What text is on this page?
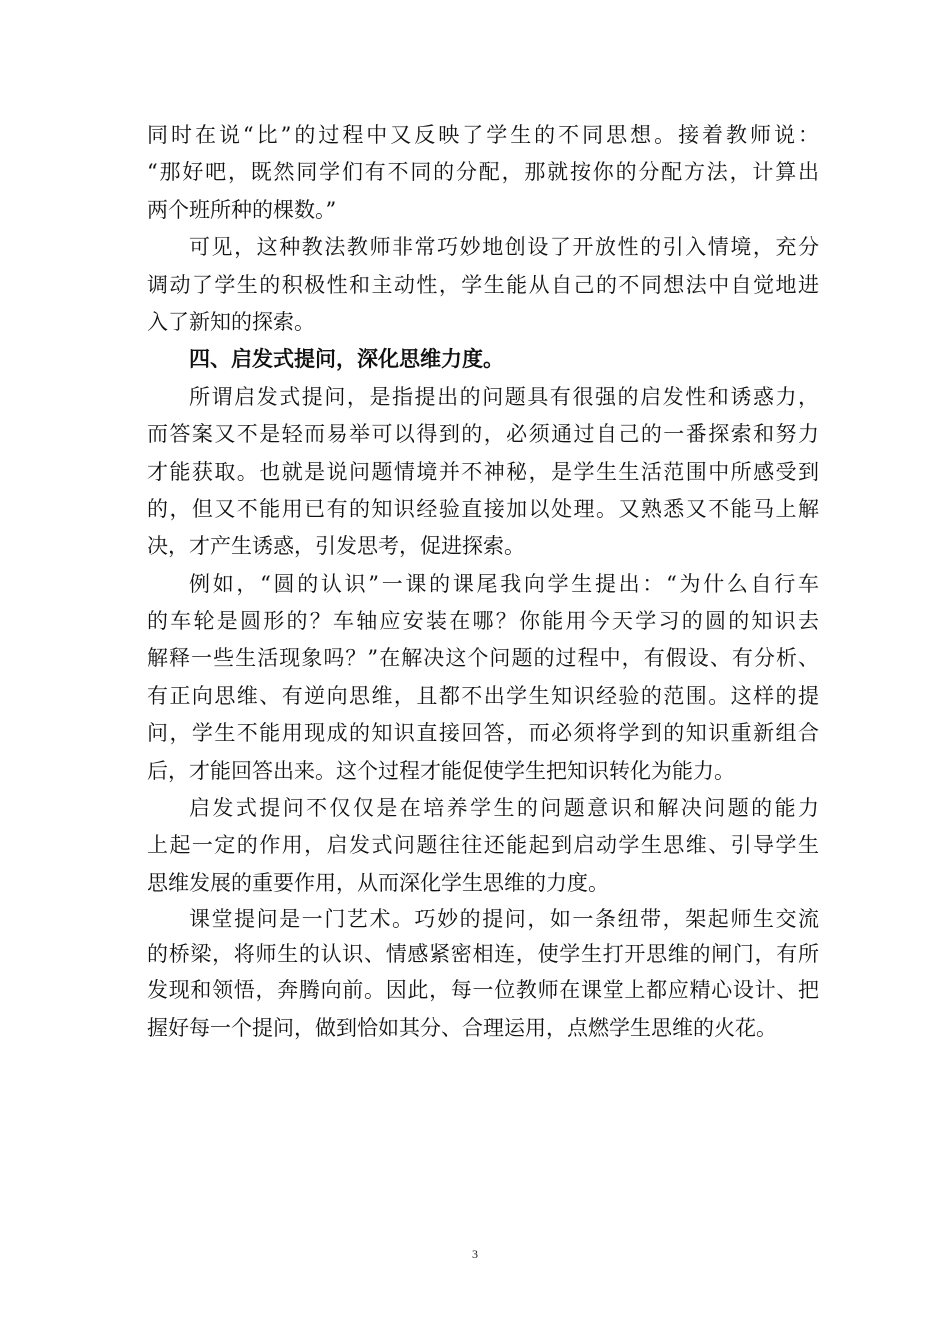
同时在说“比”的过程中又反映了学生的不同思想。接着教师说：
“那好吧，既然同学们有不同的分配，那就按你的分配方法，计算出
两个班所种的棵数。”
可见，这种教法教师非常巧妙地创设了开放性的引入情境，充分
调动了学生的积极性和主动性，学生能从自己的不同想法中自觉地进
入了新知的探索。
四、启发式提问，深化思维力度。
所谓启发式提问，是指提出的问题具有很强的启发性和诱惑力，
而答案又不是轻而易举可以得到的，必须通过自己的一番探索和努力
才能获取。也就是说问题情境并不神秘，是学生生活范围中所感受到
的，但又不能用已有的知识经验直接加以处理。又熟悉又不能马上解
决，才产生诱惑，引发思考，促进探索。
例如，“圆的认识”一课的课尾我向学生提出：“为什么自行车
的车轮是圆形的？车轴应安装在哪？你能用今天学习的圆的知识去
解释一些生活现象吗？”在解决这个问题的过程中，有假设、有分析、
有正向思维、有逆向思维，且都不出学生知识经验的范围。这样的提
问，学生不能用现成的知识直接回答，而必须将学到的知识重新组合
后，才能回答出来。这个过程才能促使学生把知识转化为能力。
启发式提问不仅仅是在培养学生的问题意识和解决问题的能力
上起一定的作用，启发式问题往往还能起到启动学生思维、引导学生
思维发展的重要作用，从而深化学生思维的力度。
课堂提问是一门艺术。巧妙的提问，如一条纽带，架起师生交流
的桥梁，将师生的认识、情感紧密相连，使学生打开思维的闸门，有所
发现和领悟，奔腾向前。因此，每一位教师在课堂上都应精心设计、把
握好每一个提问，做到恰如其分、合理运用，点燃学生思维的火花。
3
